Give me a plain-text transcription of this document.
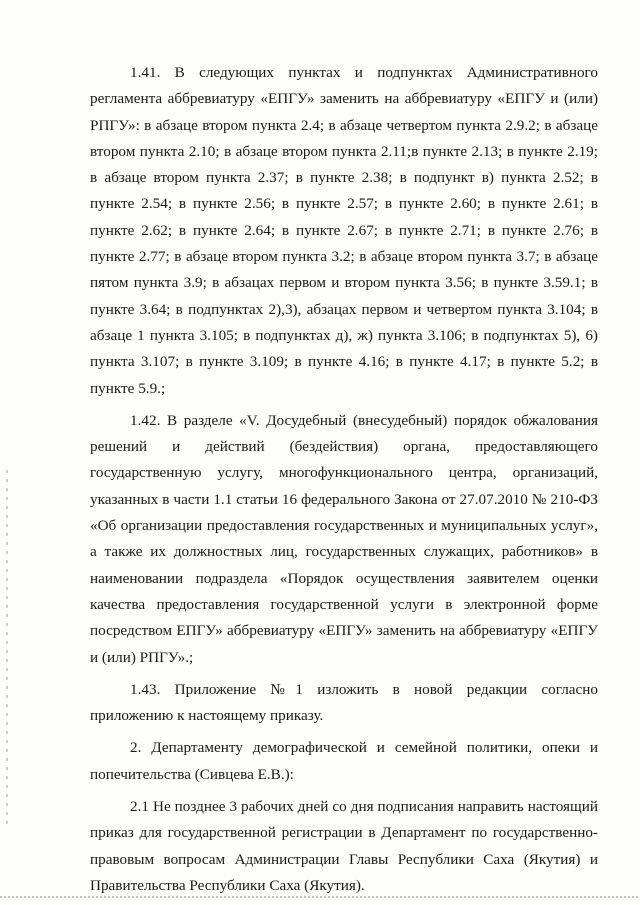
1.41. В следующих пунктах и подпунктах Административного регламента аббревиатуру «ЕПГУ» заменить на аббревиатуру «ЕПГУ и (или) РПГУ»: в абзаце втором пункта 2.4; в абзаце четвертом пункта 2.9.2; в абзаце втором пункта 2.10; в абзаце втором пункта 2.11;в пункте 2.13; в пункте 2.19; в абзаце втором пункта 2.37; в пункте 2.38; в подпункт в) пункта 2.52; в пункте 2.54; в пункте 2.56; в пункте 2.57; в пункте 2.60; в пункте 2.61; в пункте 2.62; в пункте 2.64; в пункте 2.67; в пункте 2.71; в пункте 2.76; в пункте 2.77; в абзаце втором пункта 3.2; в абзаце втором пункта 3.7; в абзаце пятом пункта 3.9; в абзацах первом и втором пункта 3.56; в пункте 3.59.1; в пункте 3.64; в подпунктах 2),3), абзацах первом и четвертом пункта 3.104; в абзаце 1 пункта 3.105; в подпунктах д), ж) пункта 3.106; в подпунктах 5), 6) пункта 3.107; в пункте 3.109; в пункте 4.16; в пункте 4.17; в пункте 5.2; в пункте 5.9.;

1.42. В разделе «V. Досудебный (внесудебный) порядок обжалования решений и действий (бездействия) органа, предоставляющего государственную услугу, многофункционального центра, организаций, указанных в части 1.1 статьи 16 федерального Закона от 27.07.2010 № 210-ФЗ «Об организации предоставления государственных и муниципальных услуг», а также их должностных лиц, государственных служащих, работников» в наименовании подраздела «Порядок осуществления заявителем оценки качества предоставления государственной услуги в электронной форме посредством ЕПГУ» аббревиатуру «ЕПГУ» заменить на аббревиатуру «ЕПГУ и (или) РПГУ».;

1.43. Приложение №1 изложить в новой редакции согласно приложению к настоящему приказу.

2. Департаменту демографической и семейной политики, опеки и попечительства (Сивцева Е.В.):

2.1 Не позднее 3 рабочих дней со дня подписания направить настоящий приказ для государственной регистрации в Департамент по государственно-правовым вопросам Администрации Главы Республики Саха (Якутия) и Правительства Республики Саха (Якутия).
